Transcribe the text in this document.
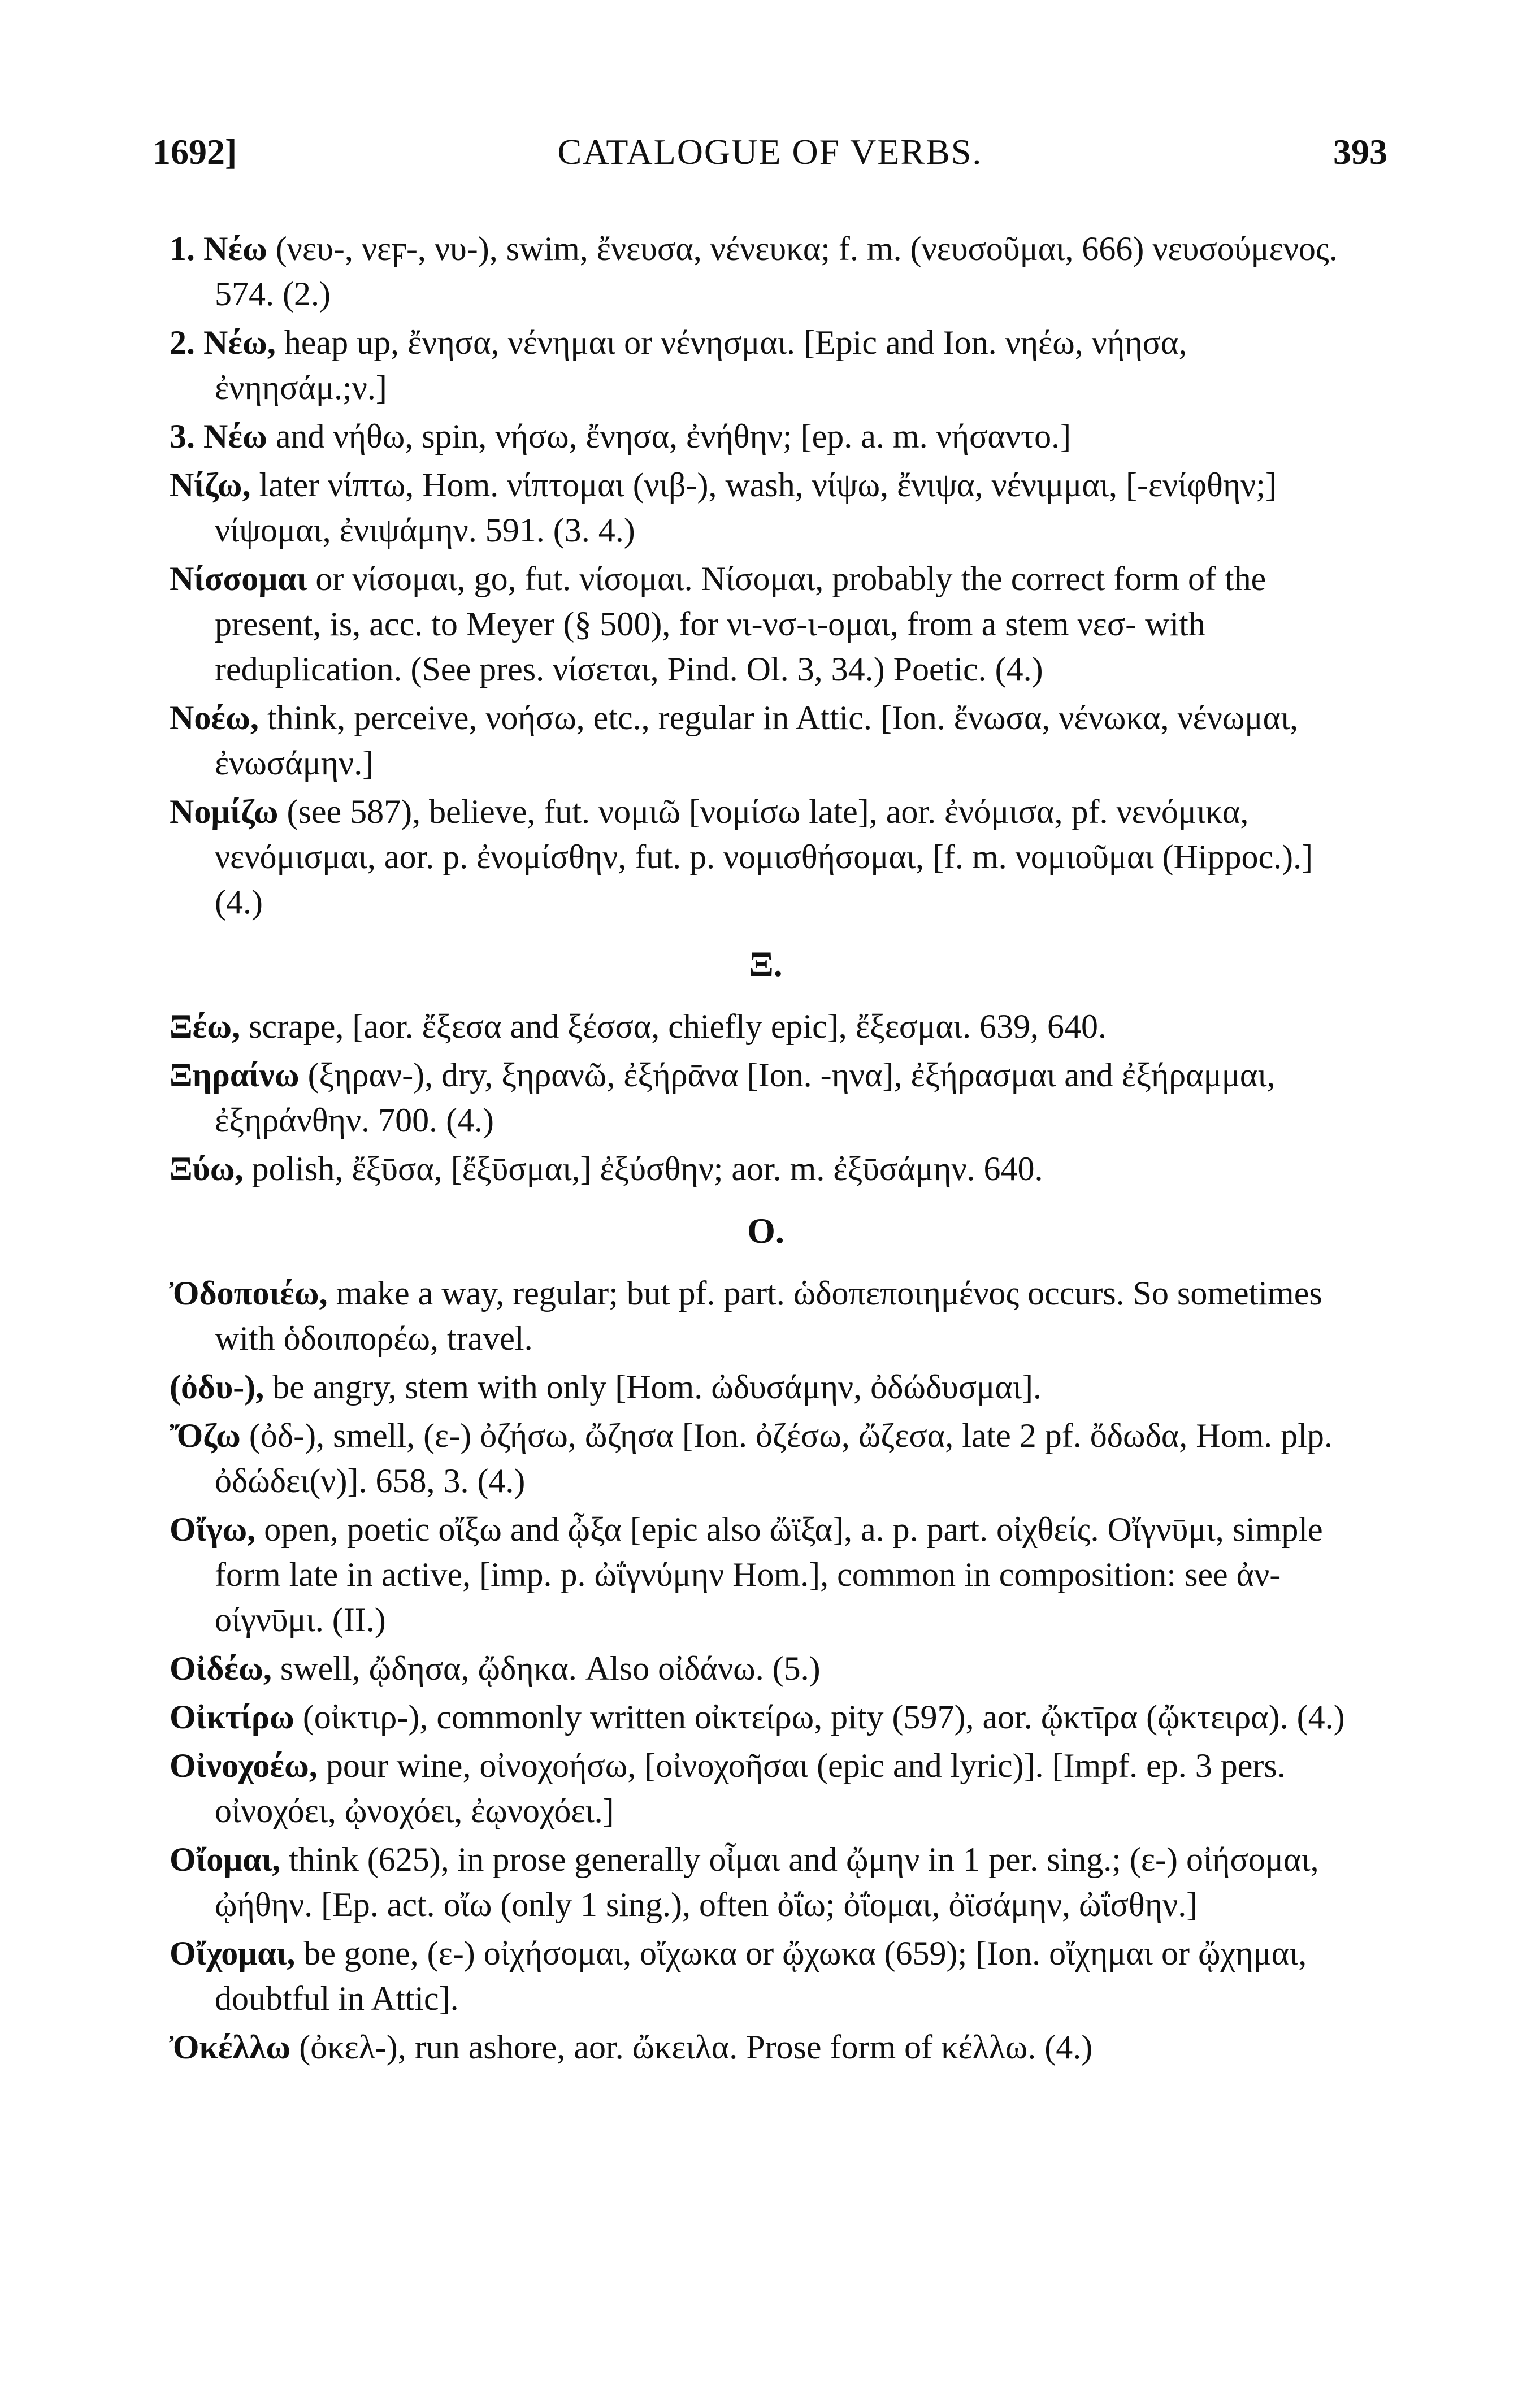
1692]	CATALOGUE OF VERBS.	393
1. Νέω (νευ-, νεϝ-, νυ-), swim, ἔνευσα, νένευκα; f. m. (νευσοῦμαι, 666) νευσούμενος. 574. (2.)
2. Νέω, heap up, ἔνησα, νένημαι or νένησμαι. [Epic and Ion. νηέω, νήησα, ἐνηησάμ.;ν.]
3. Νέω and νήθω, spin, νήσω, ἔνησα, ἐνήθην; [ep. a. m. νήσαντο.]
Νίζω, later νίπτω, Hom. νίπτομαι (νιβ-), wash, νίψω, ἔνιψα, νένιμμαι, [-ενίφθην;] νίψομαι, ἐνιψάμην. 591. (3. 4.)
Νίσσομαι or νίσομαι, go, fut. νίσομαι. Νίσομαι, probably the correct form of the present, is, acc. to Meyer (§ 500), for νι-νσ-ι-ομαι, from a stem νεσ- with reduplication. (See pres. νίσεται, Pind. Ol. 3, 34.) Poetic. (4.)
Νοέω, think, perceive, νοήσω, etc., regular in Attic. [Ion. ἔνωσα, νένωκα, νένωμαι, ἐνωσάμην.]
Νομίζω (see 587), believe, fut. νομιῶ [νομίσω late], aor. ἐνόμισα, pf. νενόμικα, νενόμισμαι, aor. p. ἐνομίσθην, fut. p. νομισθήσομαι, [f. m. νομιοῦμαι (Hippoc.).] (4.)
Ξ.
Ξέω, scrape, [aor. ἔξεσα and ξέσσα, chiefly epic], ἔξεσμαι. 639, 640.
Ξηραίνω (ξηραν-), dry, ξηρανῶ, ἐξήρᾱνα [Ion. -ηνα], ἐξήρασμαι and ἐξήραμμαι, ἐξηράνθην. 700. (4.)
Ξύω, polish, ἔξῡσα, [ἔξῡσμαι,] ἐξύσθην; aor. m. ἐξῡσάμην. 640.
O.
Ὀδοποιέω, make a way, regular; but pf. part. ὡδοπεποιημένος occurs. So sometimes with ὁδοιπορέω, travel.
(ὀδυ-), be angry, stem with only [Hom. ὠδυσάμην, ὀδώδυσμαι].
Ὄζω (ὀδ-), smell, (ε-) ὀζήσω, ὤζησα [Ion. ὀζέσω, ὤζεσα, late 2 pf. ὄδωδα, Hom. plp. ὀδώδει(ν)]. 658, 3. (4.)
Οἴγω, open, poetic οἴξω and ᾦξα [epic also ὤϊξα], a. p. part. οἰχθείς. Οἴγνῡμι, simple form late in active, [imp. p. ὠΐγνύμην Hom.], common in composition: see ἀν-οίγνῡμι. (II.)
Οἰδέω, swell, ᾤδησα, ᾤδηκα. Also οἰδάνω. (5.)
Οἰκτίρω (οἰκτιρ-), commonly written οἰκτείρω, pity (597), aor. ᾤκτῑρα (ᾤκτειρα). (4.)
Οἰνοχοέω, pour wine, οἰνοχοήσω, [οἰνοχοῆσαι (epic and lyric)]. [Impf. ep. 3 pers. οἰνοχόει, ᾠνοχόει, ἐῳνοχόει.]
Οἴομαι, think (625), in prose generally οἶμαι and ᾤμην in 1 per. sing.; (ε-) οἰήσομαι, ᾠήθην. [Ep. act. οἴω (only 1 sing.), often ὀΐω; ὀΐομαι, ὀϊσάμην, ὠΐσθην.]
Οἴχομαι, be gone, (ε-) οἰχήσομαι, οἴχωκα or ᾤχωκα (659); [Ion. οἴχημαι or ᾤχημαι, doubtful in Attic].
Ὀκέλλω (ὀκελ-), run ashore, aor. ὤκειλα. Prose form of κέλλω. (4.)
